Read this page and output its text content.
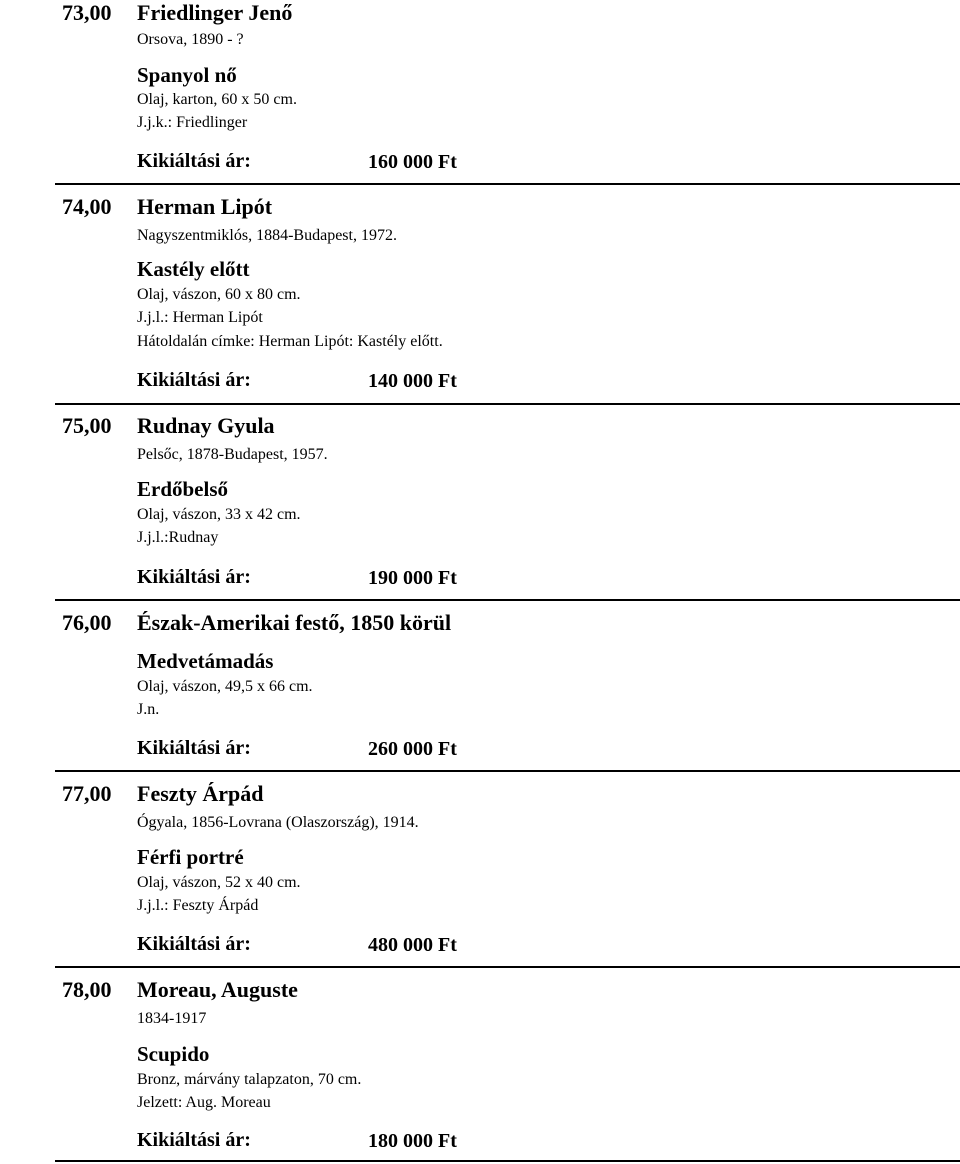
73,00 Friedlinger Jenő
Orsova, 1890 - ?
Spanyol nő
Olaj, karton, 60 x 50 cm.
J.j.k.: Friedlinger
Kikiáltási ár:	160 000 Ft
74,00 Herman Lipót
Nagyszentmiklós, 1884-Budapest, 1972.
Kastély előtt
Olaj, vászon, 60 x 80 cm.
J.j.l.: Herman Lipót
Hátoldalán címke: Herman Lipót: Kastély előtt.
Kikiáltási ár:	140 000 Ft
75,00 Rudnay Gyula
Pelsőc, 1878-Budapest, 1957.
Erdőbelső
Olaj, vászon, 33 x 42 cm.
J.j.l.:Rudnay
Kikiáltási ár:	190 000 Ft
76,00 Észak-Amerikai festő, 1850 körül
Medvetámadás
Olaj, vászon, 49,5 x 66 cm.
J.n.
Kikiáltási ár:	260 000 Ft
77,00 Feszty Árpád
Ógyala, 1856-Lovrana (Olaszország), 1914.
Férfi portré
Olaj, vászon, 52 x 40 cm.
J.j.l.: Feszty Árpád
Kikiáltási ár:	480 000 Ft
78,00 Moreau, Auguste
1834-1917
Scupido
Bronz, márvány talapzaton, 70 cm.
Jelzett: Aug. Moreau
Kikiáltási ár:	180 000 Ft
